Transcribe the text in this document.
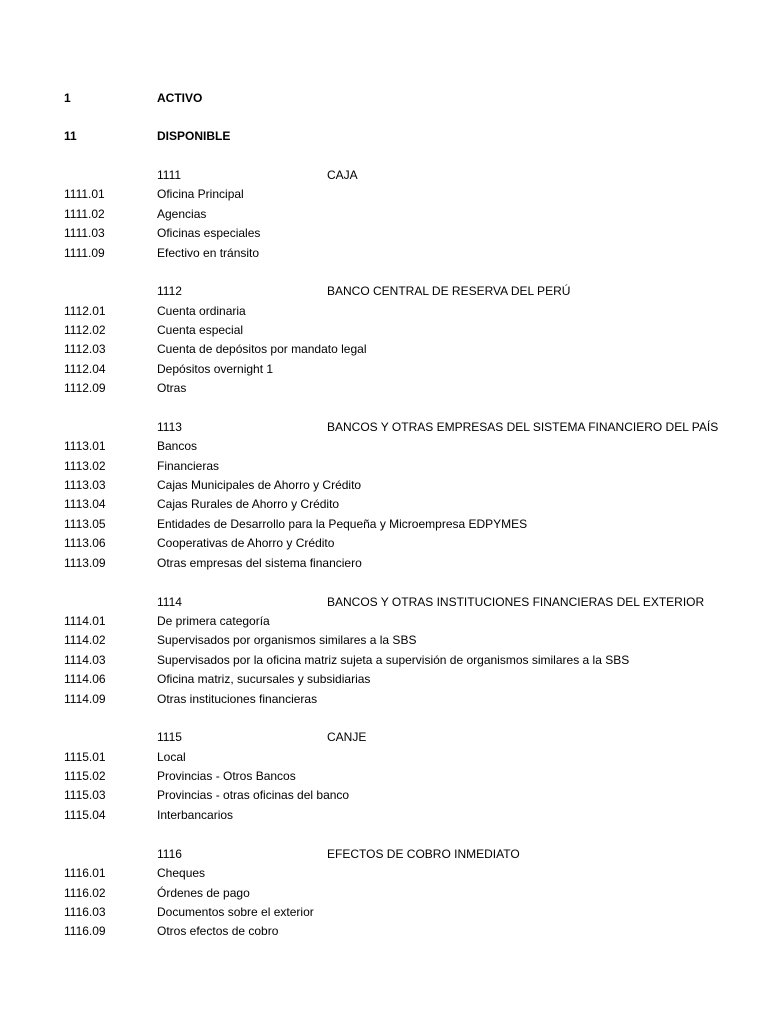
1	ACTIVO
11	DISPONIBLE
1111	CAJA
1111.01	Oficina Principal
1111.02	Agencias
1111.03	Oficinas especiales
1111.09	Efectivo en tránsito
1112	BANCO CENTRAL DE RESERVA DEL PERÚ
1112.01	Cuenta ordinaria
1112.02	Cuenta especial
1112.03	Cuenta de depósitos por mandato legal
1112.04	Depósitos overnight 1
1112.09	Otras
1113	BANCOS Y OTRAS EMPRESAS DEL SISTEMA FINANCIERO DEL PAÍS
1113.01	Bancos
1113.02	Financieras
1113.03	Cajas Municipales de Ahorro y Crédito
1113.04	Cajas Rurales de Ahorro y Crédito
1113.05	Entidades de Desarrollo para la Pequeña y Microempresa EDPYMES
1113.06	Cooperativas de Ahorro y Crédito
1113.09	Otras empresas del sistema financiero
1114	BANCOS Y OTRAS INSTITUCIONES FINANCIERAS DEL EXTERIOR
1114.01	De primera categoría
1114.02	Supervisados por organismos similares a la SBS
1114.03	Supervisados por la oficina matriz sujeta a supervisión de organismos similares a la SBS
1114.06	Oficina matriz, sucursales y subsidiarias
1114.09	Otras instituciones financieras
1115	CANJE
1115.01	Local
1115.02	Provincias - Otros Bancos
1115.03	Provincias - otras oficinas del banco
1115.04	Interbancarios
1116	EFECTOS DE COBRO INMEDIATO
1116.01	Cheques
1116.02	Órdenes de pago
1116.03	Documentos sobre el exterior
1116.09	Otros efectos de cobro
